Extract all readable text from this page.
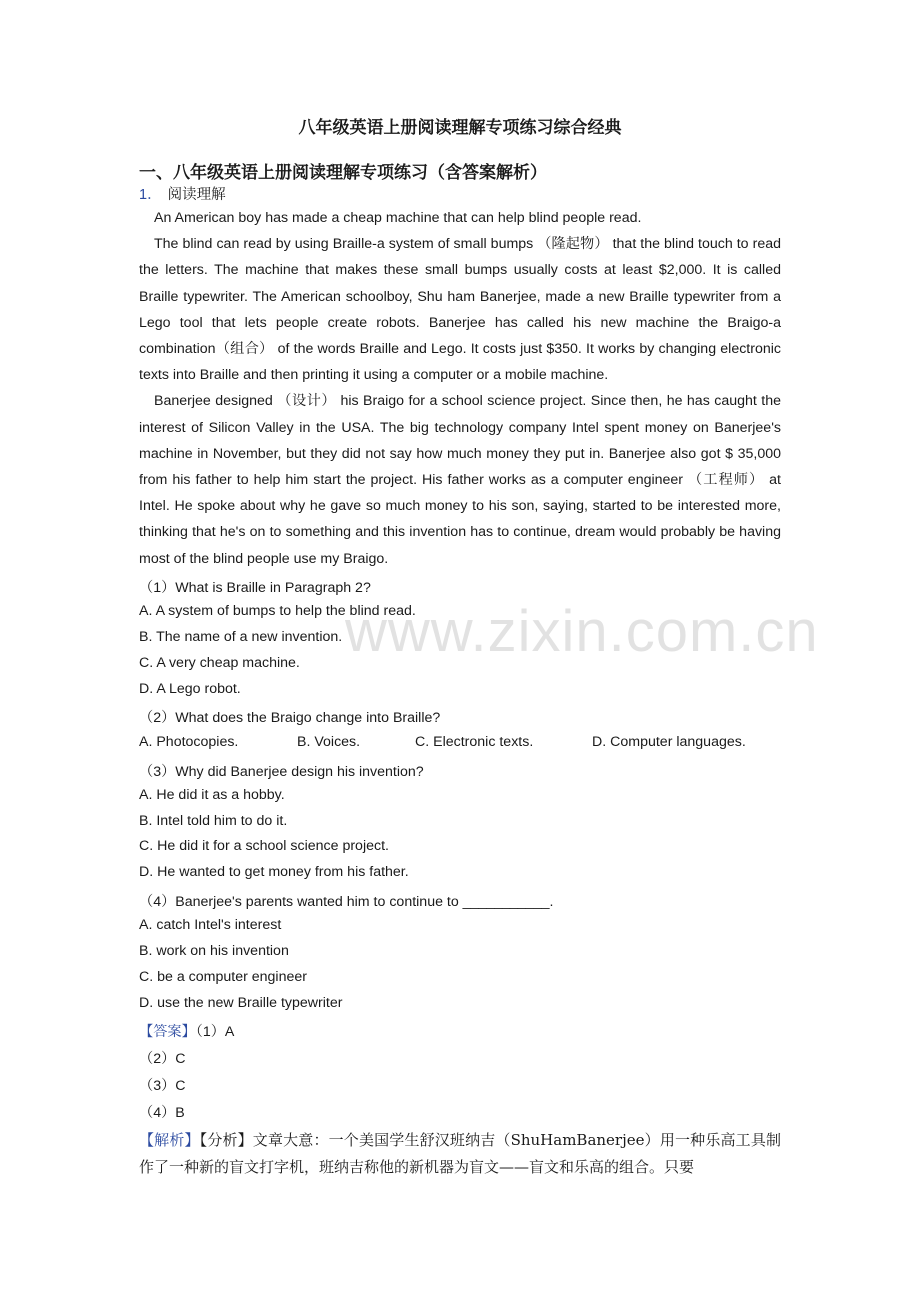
八年级英语上册阅读理解专项练习综合经典
一、八年级英语上册阅读理解专项练习（含答案解析）
1． 阅读理解

An American boy has made a cheap machine that can help blind people read.

The blind can read by using Braille-a system of small bumps （隆起物） that the blind touch to read the letters. The machine that makes these small bumps usually costs at least $2,000. It is called Braille typewriter. The American schoolboy, Shu ham Banerjee, made a new Braille typewriter from a Lego tool that lets people create robots. Banerjee has called his new machine the Braigo-a combination（组合） of the words Braille and Lego. It costs just $350. It works by changing electronic texts into Braille and then printing it using a computer or a mobile machine.

Banerjee designed （设计） his Braigo for a school science project. Since then, he has caught the interest of Silicon Valley in the USA. The big technology company Intel spent money on Banerjee's machine in November, but they did not say how much money they put in. Banerjee also got $ 35,000 from his father to help him start the project. His father works as a computer engineer （工程师） at Intel. He spoke about why he gave so much money to his son, saying, started to be interested more, thinking that he's on to something and this invention has to continue, dream would probably be having most of the blind people use my Braigo.

（1）What is Braille in Paragraph 2?
A. A system of bumps to help the blind read.
B. The name of a new invention.
C. A very cheap machine.
D. A Lego robot.
（2）What does the Braigo change into Braille?
A. Photocopies.	B. Voices.	C. Electronic texts.	D. Computer languages.
（3）Why did Banerjee design his invention?
A. He did it as a hobby.
B. Intel told him to do it.
C. He did it for a school science project.
D. He wanted to get money from his father.
（4）Banerjee's parents wanted him to continue to ___________.
A. catch Intel's interest
B. work on his invention
C. be a computer engineer
D. use the new Braille typewriter
【答案】（1）A
（2）C
（3）C
（4）B
【解析】【分析】文章大意：一个美国学生舒汉班纳吉（ShuHamBanerjee）用一种乐高工具制作了一种新的盲文打字机，班纳吉称他的新机器为盲文——盲文和乐高的组合。只要
www.zixin.com.cn
